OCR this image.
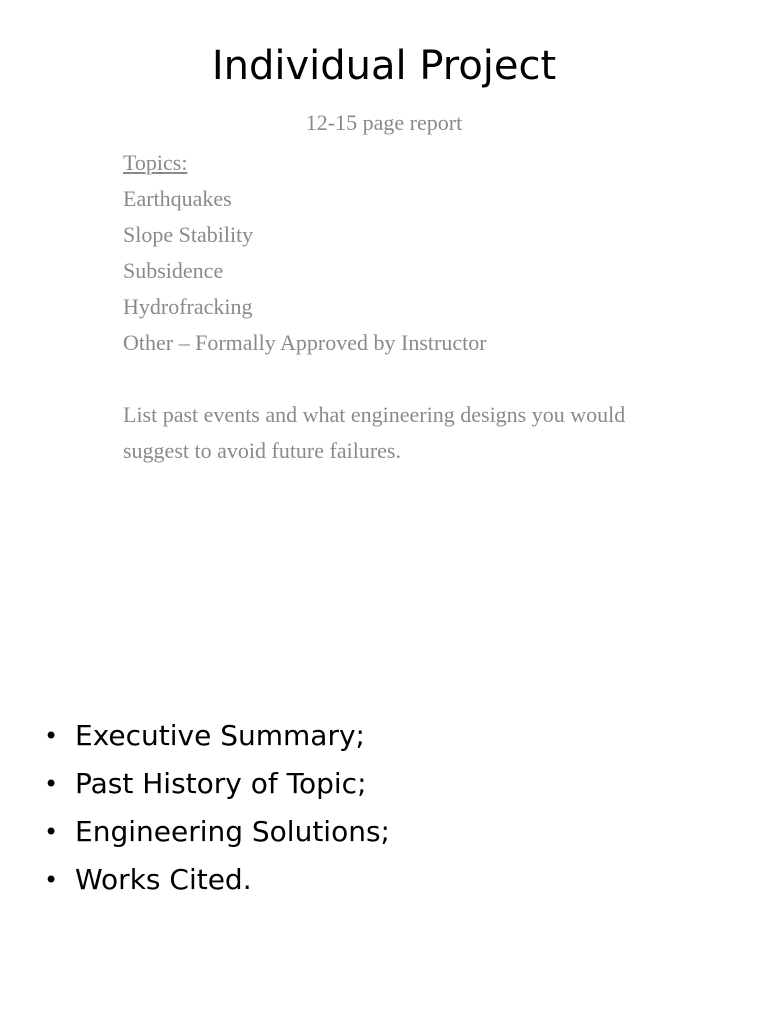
Individual Project
12-15 page report
Topics:
Earthquakes
Slope Stability
Subsidence
Hydrofracking
Other – Formally Approved by Instructor
List past events and what engineering designs you would suggest to avoid future failures.
• Executive Summary;
• Past History of Topic;
• Engineering Solutions;
• Works Cited.
